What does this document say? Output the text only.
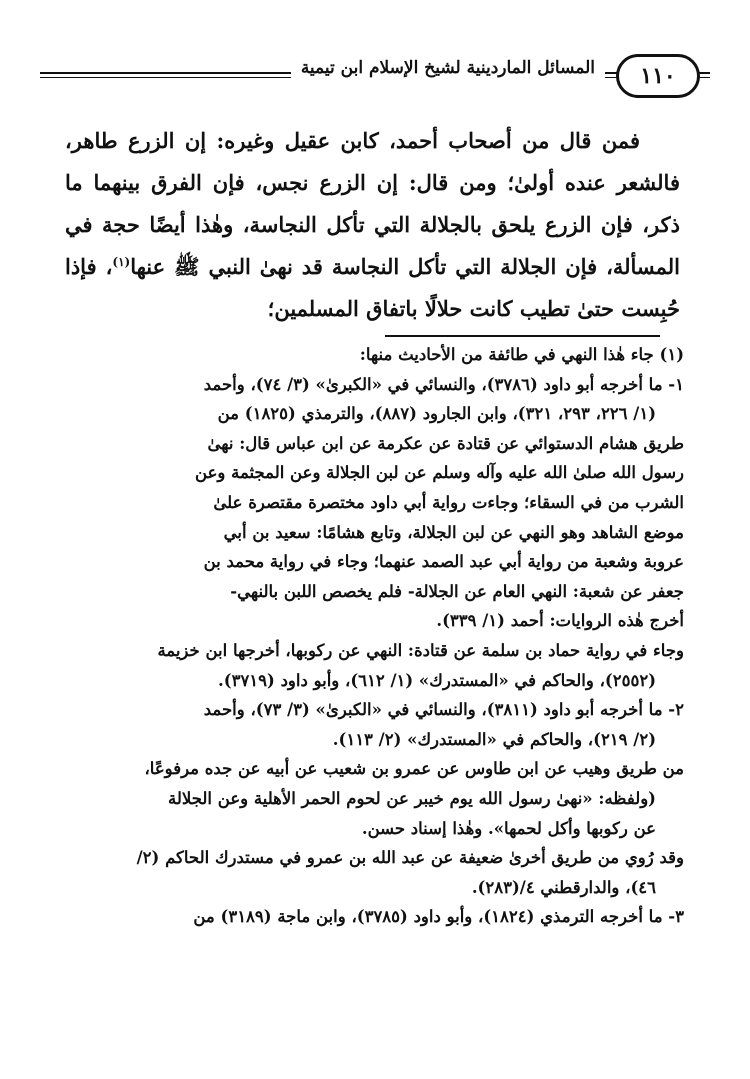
المسائل الماردينية لشيخ الإسلام ابن تيمية	١١٠

فمن قال من أصحاب أحمد، كابن عقيل وغيره: إن الزرع طاهر، فالشعر عنده أولىٰ؛ ومن قال: إن الزرع نجس، فإن الفرق بينهما ما ذكر، فإن الزرع يلحق بالجلالة التي تأكل النجاسة، وهٰذا أيضًا حجة في المسألة، فإن الجلالة التي تأكل النجاسة قد نهىٰ النبي ﷺ عنها$^{(١)}$، فإذا حُبِست حتىٰ تطيب كانت حلالًا باتفاق المسلمين؛

(١) جاء هٰذا النهي في طائفة من الأحاديث منها:
١- ما أخرجه أبو داود (٣٧٨٦)، والنسائي في «الكبرىٰ» (٣/ ٧٤)، وأحمد
(١/ ٢٢٦، ٢٩٣، ٣٢١)، وابن الجارود (٨٨٧)، والترمذي (١٨٢٥) من
طريق هشام الدستوائي عن قتادة عن عكرمة عن ابن عباس قال: نهىٰ
رسول الله صلىٰ الله عليه وآله وسلم عن لبن الجلالة وعن المجثمة وعن
الشرب من في السقاء؛ وجاءت رواية أبي داود مختصرة مقتصرة علىٰ
موضع الشاهد وهو النهي عن لبن الجلالة، وتابع هشامًا: سعيد بن أبي
عروبة وشعبة من رواية أبي عبد الصمد عنهما؛ وجاء في رواية محمد بن
جعفر عن شعبة: النهي العام عن الجلالة- فلم يخصص اللبن بالنهي-
أخرج هٰذه الروايات: أحمد (١/ ٣٣٩).
وجاء في رواية حماد بن سلمة عن قتادة: النهي عن ركوبها، أخرجها ابن خزيمة
(٢٥٥٢)، والحاكم في «المستدرك» (١/ ٦١٢)، وأبو داود (٣٧١٩).
٢- ما أخرجه أبو داود (٣٨١١)، والنسائي في «الكبرىٰ» (٣/ ٧٣)، وأحمد
(٢/ ٢١٩)، والحاكم في «المستدرك» (٢/ ١١٣).
من طريق وهيب عن ابن طاوس عن عمرو بن شعيب عن أبيه عن جده مرفوعًا،
(ولفظه: «نهىٰ رسول الله يوم خيبر عن لحوم الحمر الأهلية وعن الجلالة
عن ركوبها وأكل لحمها». وهٰذا إسناد حسن.
وقد رُوي من طريق أخرىٰ ضعيفة عن عبد الله بن عمرو في مستدرك الحاكم (٢/
٤٦)، والدارقطني ٤/(٢٨٣).
٣- ما أخرجه الترمذي (١٨٢٤)، وأبو داود (٣٧٨٥)، وابن ماجة (٣١٨٩) من
